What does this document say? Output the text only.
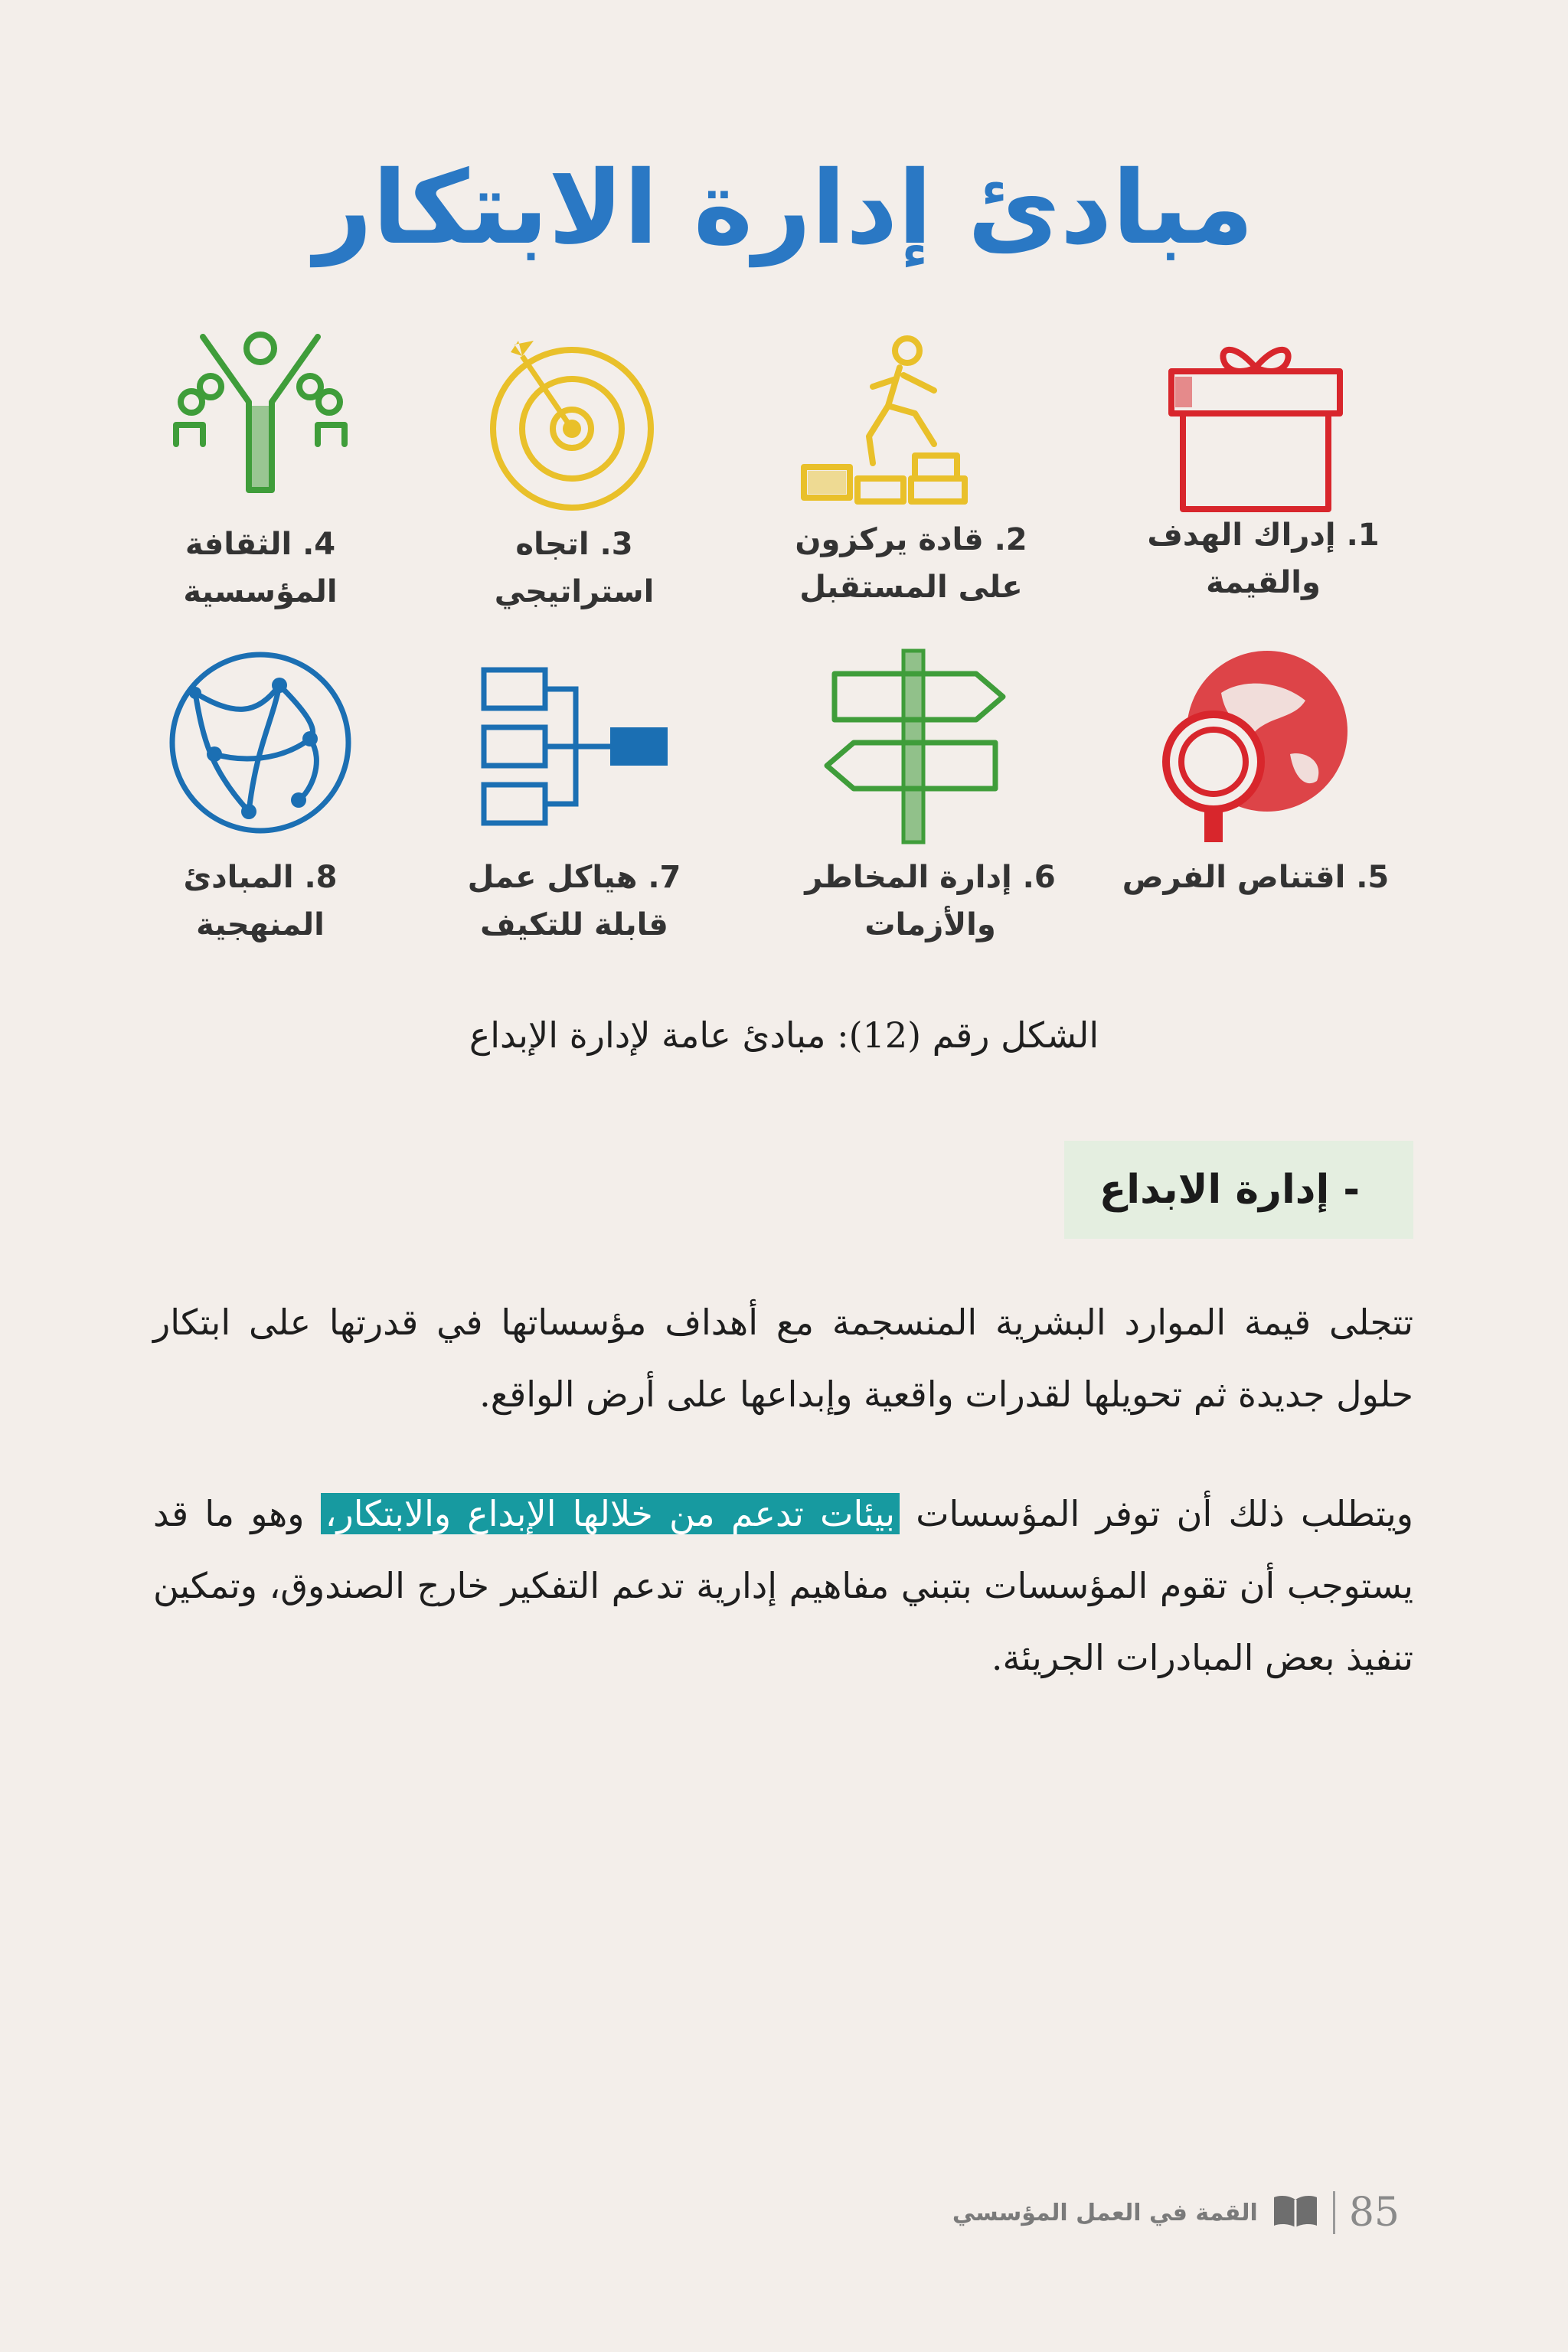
مبادئ إدارة الابتكار
1. إدراك الهدف
والقيمة
2. قادة يركزون
على المستقبل
3. اتجاه
استراتيجي
4. الثقافة
المؤسسية
5. اقتناص الفرص
6. إدارة المخاطر
والأزمات
7. هياكل عمل
قابلة للتكيف
8. المبادئ
المنهجية
الشكل رقم (12): مبادئ عامة لإدارة الإبداع
- إدارة الابداع
تتجلى قيمة الموارد البشرية المنسجمة مع أهداف مؤسساتها في قدرتها على ابتكار حلول جديدة ثم تحويلها لقدرات واقعية وإبداعها على أرض الواقع.
ويتطلب ذلك أن توفر المؤسسات بيئات تدعم من خلالها الإبداع والابتكار، وهو ما قد يستوجب أن تقوم المؤسسات بتبني مفاهيم إدارية تدعم التفكير خارج الصندوق، وتمكين تنفيذ بعض المبادرات الجريئة.
85
القمة في العمل المؤسسي
